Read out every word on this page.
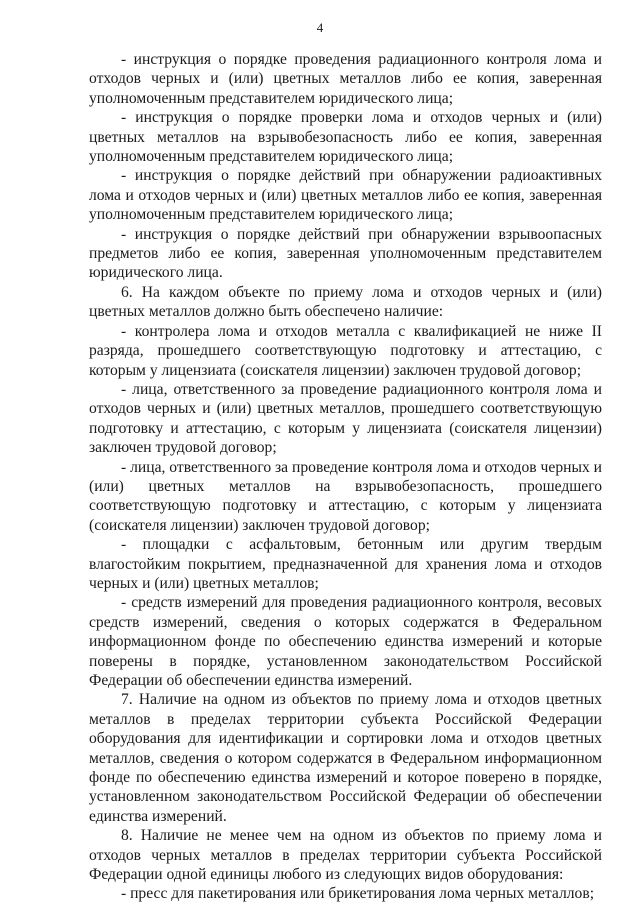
4

- инструкция о порядке проведения радиационного контроля лома и отходов черных и (или) цветных металлов либо ее копия, заверенная уполномоченным представителем юридического лица;

- инструкция о порядке проверки лома и отходов черных и (или) цветных металлов на взрывобезопасность либо ее копия, заверенная уполномоченным представителем юридического лица;

- инструкция о порядке действий при обнаружении радиоактивных лома и отходов черных и (или) цветных металлов либо ее копия, заверенная уполномоченным представителем юридического лица;

- инструкция о порядке действий при обнаружении взрывоопасных предметов либо ее копия, заверенная уполномоченным представителем юридического лица.

6. На каждом объекте по приему лома и отходов черных и (или) цветных металлов должно быть обеспечено наличие:

- контролера лома и отходов металла с квалификацией не ниже II разряда, прошедшего соответствующую подготовку и аттестацию, с которым у лицензиата (соискателя лицензии) заключен трудовой договор;

- лица, ответственного за проведение радиационного контроля лома и отходов черных и (или) цветных металлов, прошедшего соответствующую подготовку и аттестацию, с которым у лицензиата (соискателя лицензии) заключен трудовой договор;

- лица, ответственного за проведение контроля лома и отходов черных и (или) цветных металлов на взрывобезопасность, прошедшего соответствующую подготовку и аттестацию, с которым у лицензиата (соискателя лицензии) заключен трудовой договор;

- площадки с асфальтовым, бетонным или другим твердым влагостойким покрытием, предназначенной для хранения лома и отходов черных и (или) цветных металлов;

- средств измерений для проведения радиационного контроля, весовых средств измерений, сведения о которых содержатся в Федеральном информационном фонде по обеспечению единства измерений и которые поверены в порядке, установленном законодательством Российской Федерации об обеспечении единства измерений.

7. Наличие на одном из объектов по приему лома и отходов цветных металлов в пределах территории субъекта Российской Федерации оборудования для идентификации и сортировки лома и отходов цветных металлов, сведения о котором содержатся в Федеральном информационном фонде по обеспечению единства измерений и которое поверено в порядке, установленном законодательством Российской Федерации об обеспечении единства измерений.

8. Наличие не менее чем на одном из объектов по приему лома и отходов черных металлов в пределах территории субъекта Российской Федерации одной единицы любого из следующих видов оборудования:

- пресс для пакетирования или брикетирования лома черных металлов;
